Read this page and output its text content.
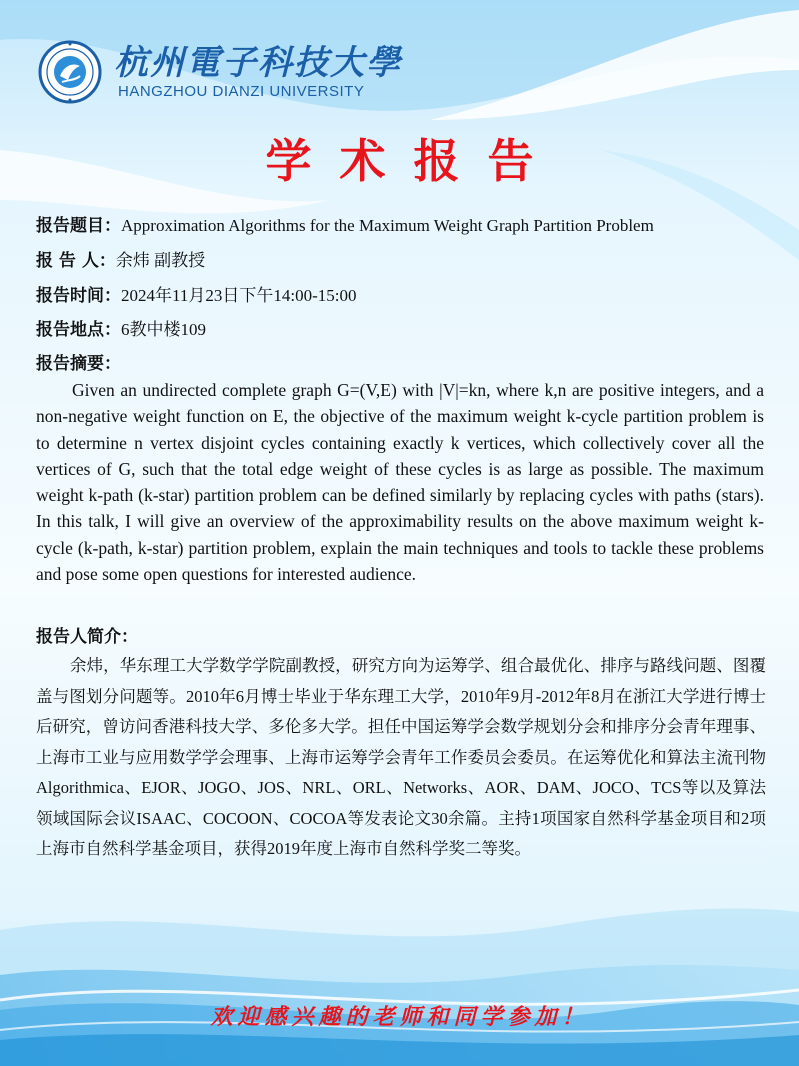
杭州電子科技大學
HANGZHOU DIANZI UNIVERSITY
学术报告
报告题目：Approximation Algorithms for the Maximum Weight Graph Partition Problem
报 告 人：余炜 副教授
报告时间：2024年11月23日下午14:00-15:00
报告地点：6教中楼109
报告摘要：
Given an undirected complete graph G=(V,E) with |V|=kn, where k,n are positive integers, and a non-negative weight function on E, the objective of the maximum weight k-cycle partition problem is to determine n vertex disjoint cycles containing exactly k vertices, which collectively cover all the vertices of G, such that the total edge weight of these cycles is as large as possible. The maximum weight k-path (k-star) partition problem can be defined similarly by replacing cycles with paths (stars). In this talk, I will give an overview of the approximability results on the above maximum weight k-cycle (k-path, k-star) partition problem, explain the main techniques and tools to tackle these problems and pose some open questions for interested audience.
报告人简介：
余炜，华东理工大学数学学院副教授，研究方向为运筹学、组合最优化、排序与路线问题、图覆盖与图划分问题等。2010年6月博士毕业于华东理工大学，2010年9月-2012年8月在浙江大学进行博士后研究，曾访问香港科技大学、多伦多大学。担任中国运筹学会数学规划分会和排序分会青年理事、上海市工业与应用数学学会理事、上海市运筹学会青年工作委员会委员。在运筹优化和算法主流刊物Algorithmica、EJOR、JOGO、JOS、NRL、ORL、Networks、AOR、DAM、JOCO、TCS等以及算法领域国际会议ISAAC、COCOON、COCOA等发表论文30余篇。主持1项国家自然科学基金项目和2项上海市自然科学基金项目，获得2019年度上海市自然科学奖二等奖。
欢迎感兴趣的老师和同学参加！
